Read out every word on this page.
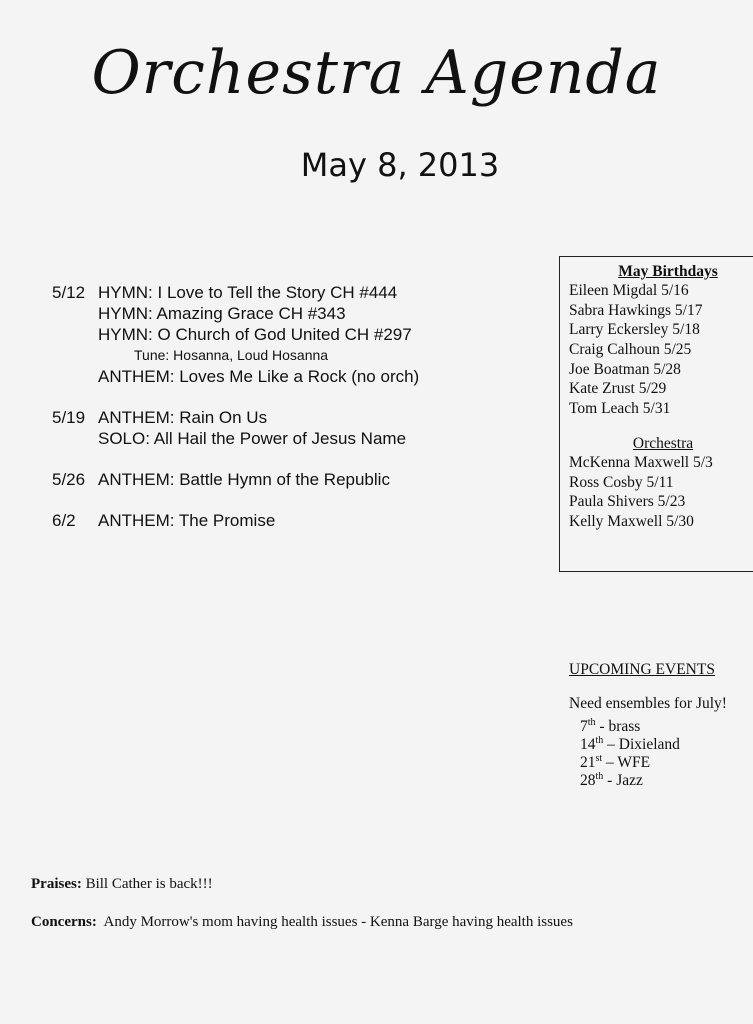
Orchestra Agenda
May 8, 2013
5/12 HYMN: I Love to Tell the Story CH #444
HYMN: Amazing Grace CH #343
HYMN: O Church of God United CH #297
Tune: Hosanna, Loud Hosanna
ANTHEM: Loves Me Like a Rock (no orch)
5/19 ANTHEM: Rain On Us
SOLO: All Hail the Power of Jesus Name
5/26 ANTHEM: Battle Hymn of the Republic
6/2	ANTHEM: The Promise
May Birthdays
Eileen Migdal 5/16
Sabra Hawkings 5/17
Larry Eckersley 5/18
Craig Calhoun 5/25
Joe Boatman 5/28
Kate Zrust 5/29
Tom Leach 5/31
Orchestra
McKenna Maxwell 5/3
Ross Cosby 5/11
Paula Shivers 5/23
Kelly Maxwell 5/30
UPCOMING EVENTS
Need ensembles for July!
7th - brass
14th – Dixieland
21st – WFE
28th - Jazz
Praises: Bill Cather is back!!!
Concerns:  Andy Morrow's mom having health issues - Kenna Barge having health issues
